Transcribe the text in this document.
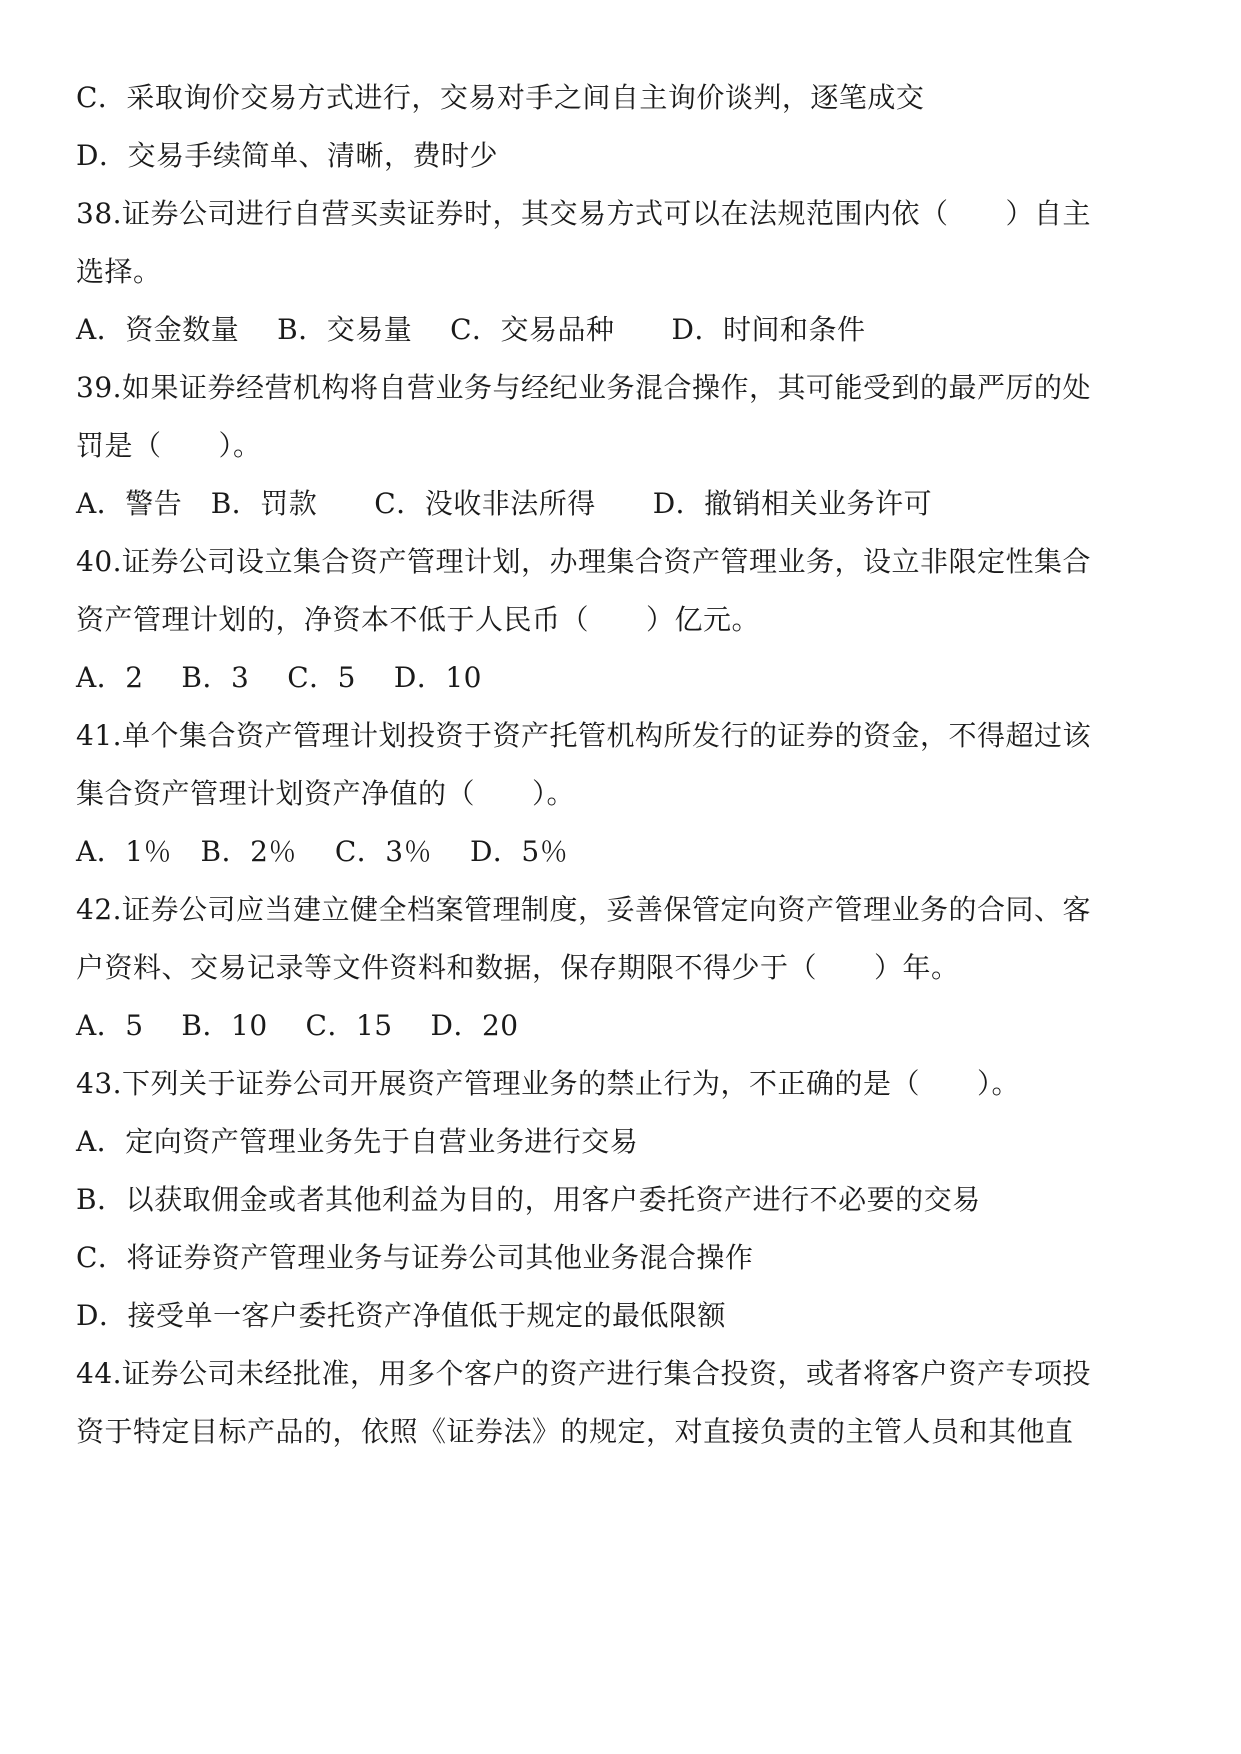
C．采取询价交易方式进行，交易对手之间自主询价谈判，逐笔成交
D．交易手续简单、清晰，费时少
38.证券公司进行自营买卖证券时，其交易方式可以在法规范围内依（　　）自主
选择。
A．资金数量　 B．交易量　 C．交易品种　　D．时间和条件
39.如果证券经营机构将自营业务与经纪业务混合操作，其可能受到的最严厉的处
罚是（　　）。
A．警告　B．罚款　　C．没收非法所得　　D．撤销相关业务许可
40.证券公司设立集合资产管理计划，办理集合资产管理业务，设立非限定性集合
资产管理计划的，净资本不低于人民币（　　）亿元。
A．2　 B．3　 C．5　 D．10
41.单个集合资产管理计划投资于资产托管机构所发行的证券的资金，不得超过该
集合资产管理计划资产净值的（　　）。
A．1％　B．2％　 C．3％　 D．5％
42.证券公司应当建立健全档案管理制度，妥善保管定向资产管理业务的合同、客
户资料、交易记录等文件资料和数据，保存期限不得少于（　　）年。
A．5　 B．10　 C．15　 D．20
43.下列关于证券公司开展资产管理业务的禁止行为，不正确的是（　　）。
A．定向资产管理业务先于自营业务进行交易
B．以获取佣金或者其他利益为目的，用客户委托资产进行不必要的交易
C．将证券资产管理业务与证券公司其他业务混合操作
D．接受单一客户委托资产净值低于规定的最低限额
44.证券公司未经批准，用多个客户的资产进行集合投资，或者将客户资产专项投
资于特定目标产品的，依照《证券法》的规定，对直接负责的主管人员和其他直
